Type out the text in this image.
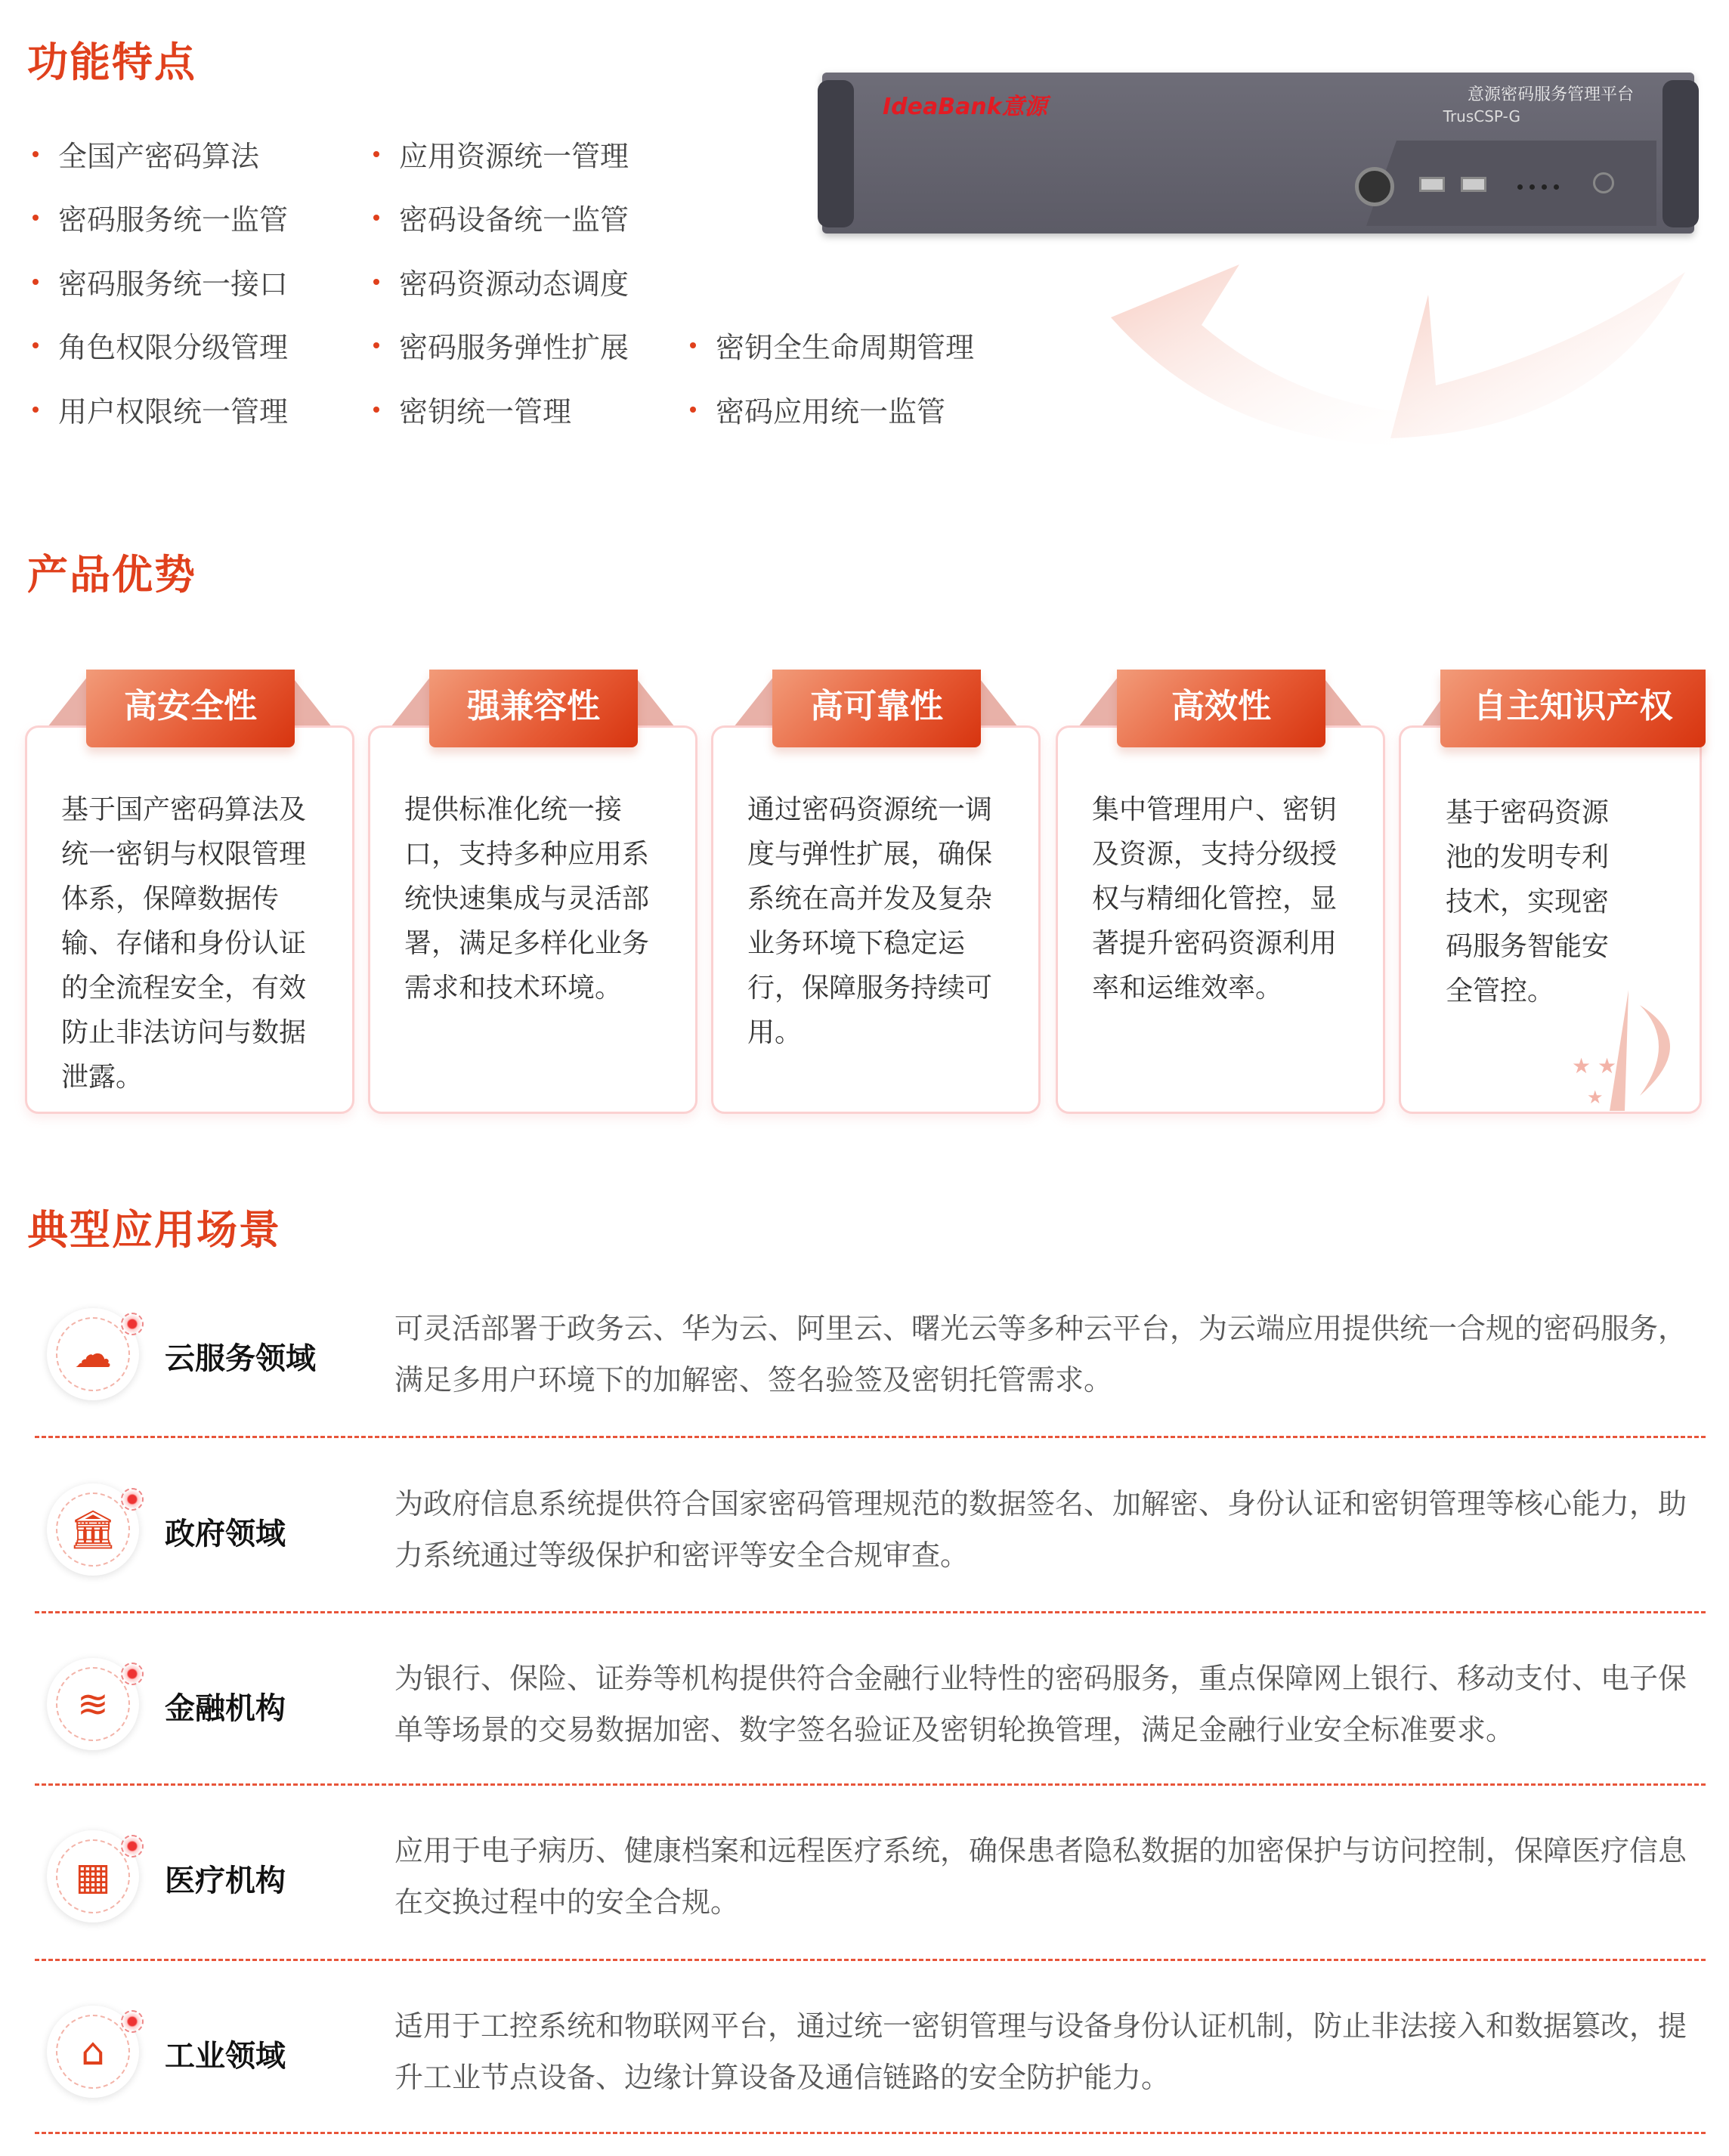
功能特点
全国产密码算法	应用资源统一管理
密码服务统一监管	密码设备统一监管
密码服务统一接口	密码资源动态调度
角色权限分级管理	密码服务弹性扩展	密钥全生命周期管理
用户权限统一管理	密钥统一管理	密码应用统一监管
IdeaBank意源	意源密码服务管理平台
TrusCSP-G
产品优势
高安全性
基于国产密码算法及统一密钥与权限管理体系，保障数据传输、存储和身份认证的全流程安全，有效防止非法访问与数据泄露。
强兼容性
提供标准化统一接口，支持多种应用系统快速集成与灵活部署，满足多样化业务需求和技术环境。
高可靠性
通过密码资源统一调度与弹性扩展，确保系统在高并发及复杂业务环境下稳定运行，保障服务持续可用。
高效性
集中管理用户、密钥及资源，支持分级授权与精细化管控，显著提升密码资源利用率和运维效率。
自主知识产权
基于密码资源池的发明专利技术，实现密码服务智能安全管控。
★ ★
★
典型应用场景
☁	云服务领域
可灵活部署于政务云、华为云、阿里云、曙光云等多种云平台，为云端应用提供统一合规的密码服务，满足多用户环境下的加解密、签名验签及密钥托管需求。
🏛	政府领域
为政府信息系统提供符合国家密码管理规范的数据签名、加解密、身份认证和密钥管理等核心能力，助力系统通过等级保护和密评等安全合规审查。
≋	金融机构
为银行、保险、证券等机构提供符合金融行业特性的密码服务，重点保障网上银行、移动支付、电子保单等场景的交易数据加密、数字签名验证及密钥轮换管理，满足金融行业安全标准要求。
▦	医疗机构
应用于电子病历、健康档案和远程医疗系统，确保患者隐私数据的加密保护与访问控制，保障医疗信息在交换过程中的安全合规。
⌂	工业领域
适用于工控系统和物联网平台，通过统一密钥管理与设备身份认证机制，防止非法接入和数据篡改，提升工业节点设备、边缘计算设备及通信链路的安全防护能力。
